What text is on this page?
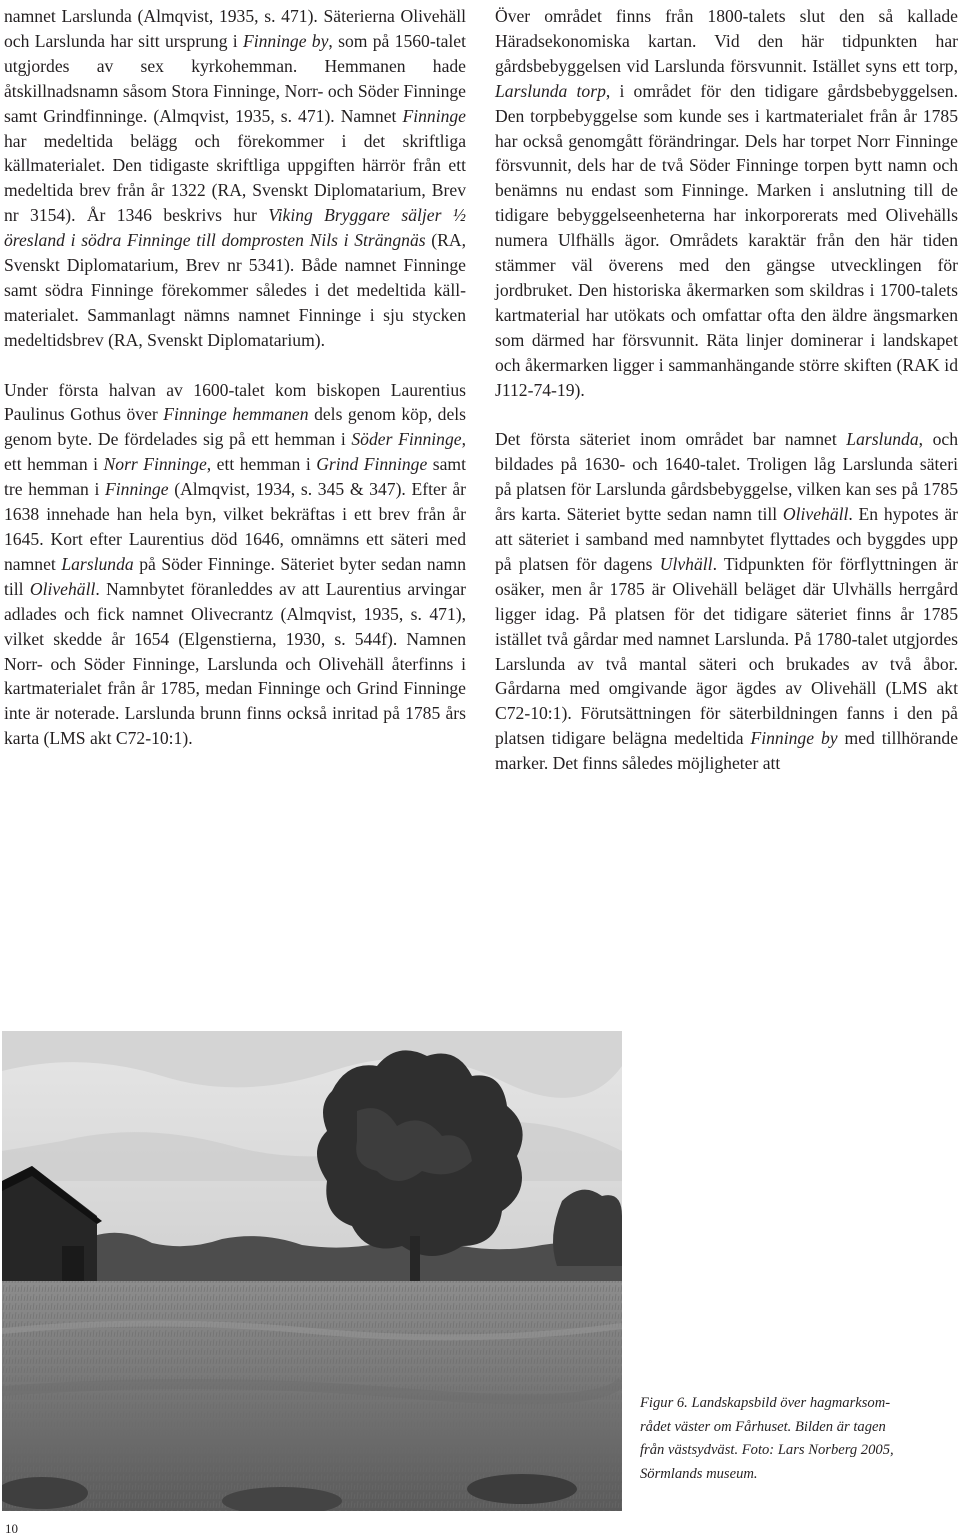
namnet Larslunda (Almqvist, 1935, s. 471). Säterierna Olivehäll och Larslunda har sitt ursprung i Finninge by, som på 1560-talet utgjordes av sex kyrkohemman. Hemmanen hade åtskillnadsnamn såsom Stora Finninge, Norr- och Söder Finninge samt Grindfinninge. (Almqvist, 1935, s. 471). Namnet Finninge har medeltida belägg och förekommer i det skriftliga källmaterialet. Den tidigaste skriftliga uppgiften härrör från ett medeltida brev från år 1322 (RA, Svenskt Diplomatarium, Brev nr 3154). År 1346 beskrivs hur Viking Bryggare säljer ½ öresland i södra Finninge till domprosten Nils i Strängnäs (RA, Svenskt Diplomatarium, Brev nr 5341). Både namnet Finninge samt södra Finninge förekommer således i det medeltida källmaterialet. Sammanlagt nämns namnet Finninge i sju stycken medeltidsbrev (RA, Svenskt Diplomatarium).

Under första halvan av 1600-talet kom biskopen Laurentius Paulinus Gothus över Finninge hemmanen dels genom köp, dels genom byte. De fördelades sig på ett hemman i Söder Finninge, ett hemman i Norr Finninge, ett hemman i Grind Finninge samt tre hemman i Finninge (Almqvist, 1934, s. 345 & 347). Efter år 1638 innehade han hela byn, vilket bekräftas i ett brev från år 1645. Kort efter Laurentius död 1646, omnämns ett säteri med namnet Larslunda på Söder Finninge. Säteriet byter sedan namn till Olivehäll. Namnbytet föranleddes av att Laurentius arvingar adlades och fick namnet Olivecrantz (Almqvist, 1935, s. 471), vilket skedde år 1654 (Elgenstierna, 1930, s. 544f). Namnen Norr- och Söder Finninge, Larslunda och Olivehäll återfinns i kartmaterialet från år 1785, medan Finninge och Grind Finninge inte är noterade. Larslunda brunn finns också inritad på 1785 års karta (LMS akt C72-10:1).

Över området finns från 1800-talets slut den så kallade Häradsekonomiska kartan. Vid den här tidpunkten har gårdsbebyggelsen vid Larslunda försvunnit. Istället syns ett torp, Larslunda torp, i området för den tidigare gårdsbebyggelsen. Den torpbebyggelse som kunde ses i kartmaterialet från år 1785 har också genomgått förändringar. Dels har torpet Norr Finninge försvunnit, dels har de två Söder Finninge torpen bytt namn och benämns nu endast som Finninge. Marken i anslutning till de tidigare bebyggelseenheterna har inkorporerats med Olivehälls numera Ulfhälls ägor. Områdets karaktär från den här tiden stämmer väl överens med den gängse utvecklingen för jordbruket. Den historiska åkermarken som skildras i 1700-talets kartmaterial har utökats och omfattar ofta den äldre ängsmarken som därmed har försvunnit. Räta linjer dominerar i landskapet och åkermarken ligger i sammanhängande större skiften (RAK id J112-74-19).

Det första säteriet inom området bar namnet Larslunda, och bildades på 1630- och 1640-talet. Troligen låg Larslunda säteri på platsen för Larslunda gårdsbebyggelse, vilken kan ses på 1785 års karta. Säteriet bytte sedan namn till Olivehäll. En hypotes är att säteriet i samband med namnbytet flyttades och byggdes upp på platsen för dagens Ulvhäll. Tidpunkten för förflyttningen är osäker, men år 1785 är Olivehäll beläget där Ulvhälls herrgård ligger idag. På platsen för det tidigare säteriet finns år 1785 istället två gårdar med namnet Larslunda. På 1780-talet utgjordes Larslunda av två mantal säteri och brukades av två åbor. Gårdarna med omgivande ägor ägdes av Olivehäll (LMS akt C72-10:1). Förutsättningen för säterbildningen fanns i den på platsen tidigare belägna medeltida Finninge by med tillhörande marker. Det finns således möjligheter att

Figur 6. Landskapsbild över hagmarksom-
rådet väster om Fårhuset. Bilden är tagen
från västsydväst. Foto: Lars Norberg 2005,
Sörmlands museum.
10
